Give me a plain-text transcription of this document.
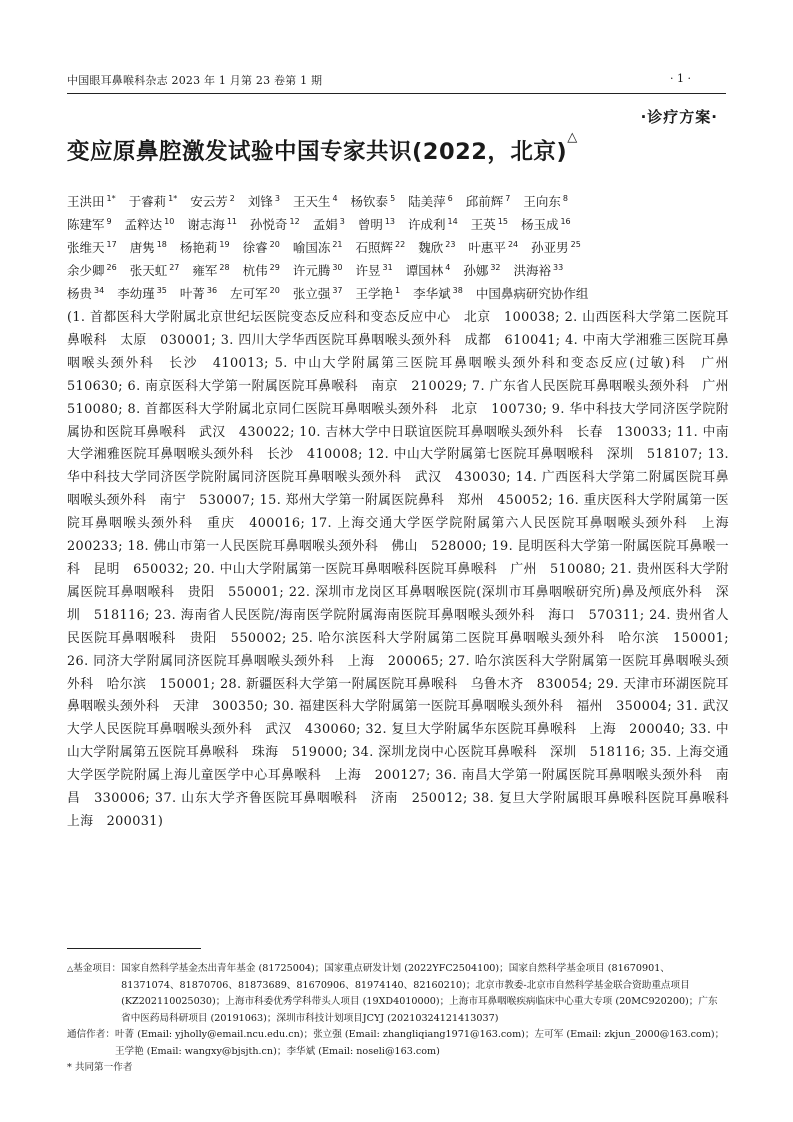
中国眼耳鼻喉科杂志 2023 年 1 月第 23 卷第 1 期	· 1 ·
·诊疗方案·
变应原鼻腔激发试验中国专家共识(2022，北京)△
王洪田 $^{1*}$ 于睿莉 $^{1*}$ 安云芳 $^2$ 刘锋 $^3$ 王天生 $^4$ 杨钦泰 $^5$ 陆美萍 $^6$ 邱前辉 $^7$ 王向东 $^8$
陈建军 $^9$ 孟粹达 $^{10}$ 谢志海 $^{11}$ 孙悦奇 $^{12}$ 孟娟 $^3$ 曾明 $^{13}$ 许成利 $^{14}$ 王英 $^{15}$ 杨玉成 $^{16}$
张维天 $^{17}$ 唐隽 $^{18}$ 杨艳莉 $^{19}$ 徐睿 $^{20}$ 喻国冻 $^{21}$ 石照辉 $^{22}$ 魏欣 $^{23}$ 叶惠平 $^{24}$ 孙亚男 $^{25}$
余少卿 $^{26}$ 张天虹 $^{27}$ 雍军 $^{28}$ 杭伟 $^{29}$ 许元腾 $^{30}$ 许昱 $^{31}$ 谭国林 $^4$ 孙娜 $^{32}$ 洪海裕 $^{33}$
杨贵 $^{34}$ 李幼瑾 $^{35}$ 叶菁 $^{36}$ 左可军 $^{20}$ 张立强 $^{37}$ 王学艳 $^1$ 李华斌 $^{38}$ 中国鼻病研究协作组
(1. 首都医科大学附属北京世纪坛医院变态反应科和变态反应中心　北京　100038; 2. 山西医科大学第二医院耳鼻喉科　太原　030001; 3. 四川大学华西医院耳鼻咽喉头颈外科　成都　610041; 4. 中南大学湘雅三医院耳鼻咽喉头颈外科　长沙　410013; 5. 中山大学附属第三医院耳鼻咽喉头颈外科和变态反应(过敏)科　广州　510630; 6. 南京医科大学第一附属医院耳鼻喉科　南京　210029; 7. 广东省人民医院耳鼻咽喉头颈外科　广州　510080; 8. 首都医科大学附属北京同仁医院耳鼻咽喉头颈外科　北京　100730; 9. 华中科技大学同济医学院附属协和医院耳鼻喉科　武汉　430022; 10. 吉林大学中日联谊医院耳鼻咽喉头颈外科　长春　130033; 11. 中南大学湘雅医院耳鼻咽喉头颈外科　长沙　410008; 12. 中山大学附属第七医院耳鼻咽喉科　深圳　518107; 13. 华中科技大学同济医学院附属同济医院耳鼻咽喉头颈外科　武汉　430030; 14. 广西医科大学第二附属医院耳鼻咽喉头颈外科　南宁　530007; 15. 郑州大学第一附属医院鼻科　郑州　450052; 16. 重庆医科大学附属第一医院耳鼻咽喉头颈外科　重庆　400016; 17. 上海交通大学医学院附属第六人民医院耳鼻咽喉头颈外科　上海　200233; 18. 佛山市第一人民医院耳鼻咽喉头颈外科　佛山　528000; 19. 昆明医科大学第一附属医院耳鼻喉一科　昆明　650032; 20. 中山大学附属第一医院耳鼻咽喉科医院耳鼻喉科　广州　510080; 21. 贵州医科大学附属医院耳鼻咽喉科　贵阳　550001; 22. 深圳市龙岗区耳鼻咽喉医院(深圳市耳鼻咽喉研究所)鼻及颅底外科　深圳　518116; 23. 海南省人民医院/海南医学院附属海南医院耳鼻咽喉头颈外科　海口　570311; 24. 贵州省人民医院耳鼻咽喉科　贵阳　550002; 25. 哈尔滨医科大学附属第二医院耳鼻咽喉头颈外科　哈尔滨　150001; 26. 同济大学附属同济医院耳鼻咽喉头颈外科　上海　200065; 27. 哈尔滨医科大学附属第一医院耳鼻咽喉头颈外科　哈尔滨　150001; 28. 新疆医科大学第一附属医院耳鼻喉科　乌鲁木齐　830054; 29. 天津市环湖医院耳鼻咽喉头颈外科　天津　300350; 30. 福建医科大学附属第一医院耳鼻咽喉头颈外科　福州　350004; 31. 武汉大学人民医院耳鼻咽喉头颈外科　武汉　430060; 32. 复旦大学附属华东医院耳鼻喉科　上海　200040; 33. 中山大学附属第五医院耳鼻喉科　珠海　519000; 34. 深圳龙岗中心医院耳鼻喉科　深圳　518116; 35. 上海交通大学医学院附属上海儿童医学中心耳鼻喉科　上海　200127; 36. 南昌大学第一附属医院耳鼻咽喉头颈外科　南昌　330006; 37. 山东大学齐鲁医院耳鼻咽喉科　济南　250012; 38. 复旦大学附属眼耳鼻喉科医院耳鼻喉科　上海　200031)
△基金项目： 国家自然科学基金杰出青年基金 (81725004)；国家重点研发计划 (2022YFC2504100)；国家自然科学基金项目 (81670901、81371074、81870706、81873689、81670906、81974140、82160210)；北京市教委-北京市自然科学基金联合资助重点项目 (KZ202110025030)；上海市科委优秀学科带头人项目 (19XD4010000)；上海市耳鼻咽喉疾病临床中心重大专项 (20MC920200)；广东省中医药局科研项目 (20191063)；深圳市科技计划项目JCYJ (20210324121413037)
通信作者： 叶菁 (Email: yjholly@email.ncu.edu.cn)；张立强 (Email: zhangliqiang1971@163.com)；左可军 (Email: zkjun_2000@163.com)；王学艳 (Email: wangxy@bjsjth.cn)；李华斌 (Email: noseli@163.com)
* 共同第一作者
